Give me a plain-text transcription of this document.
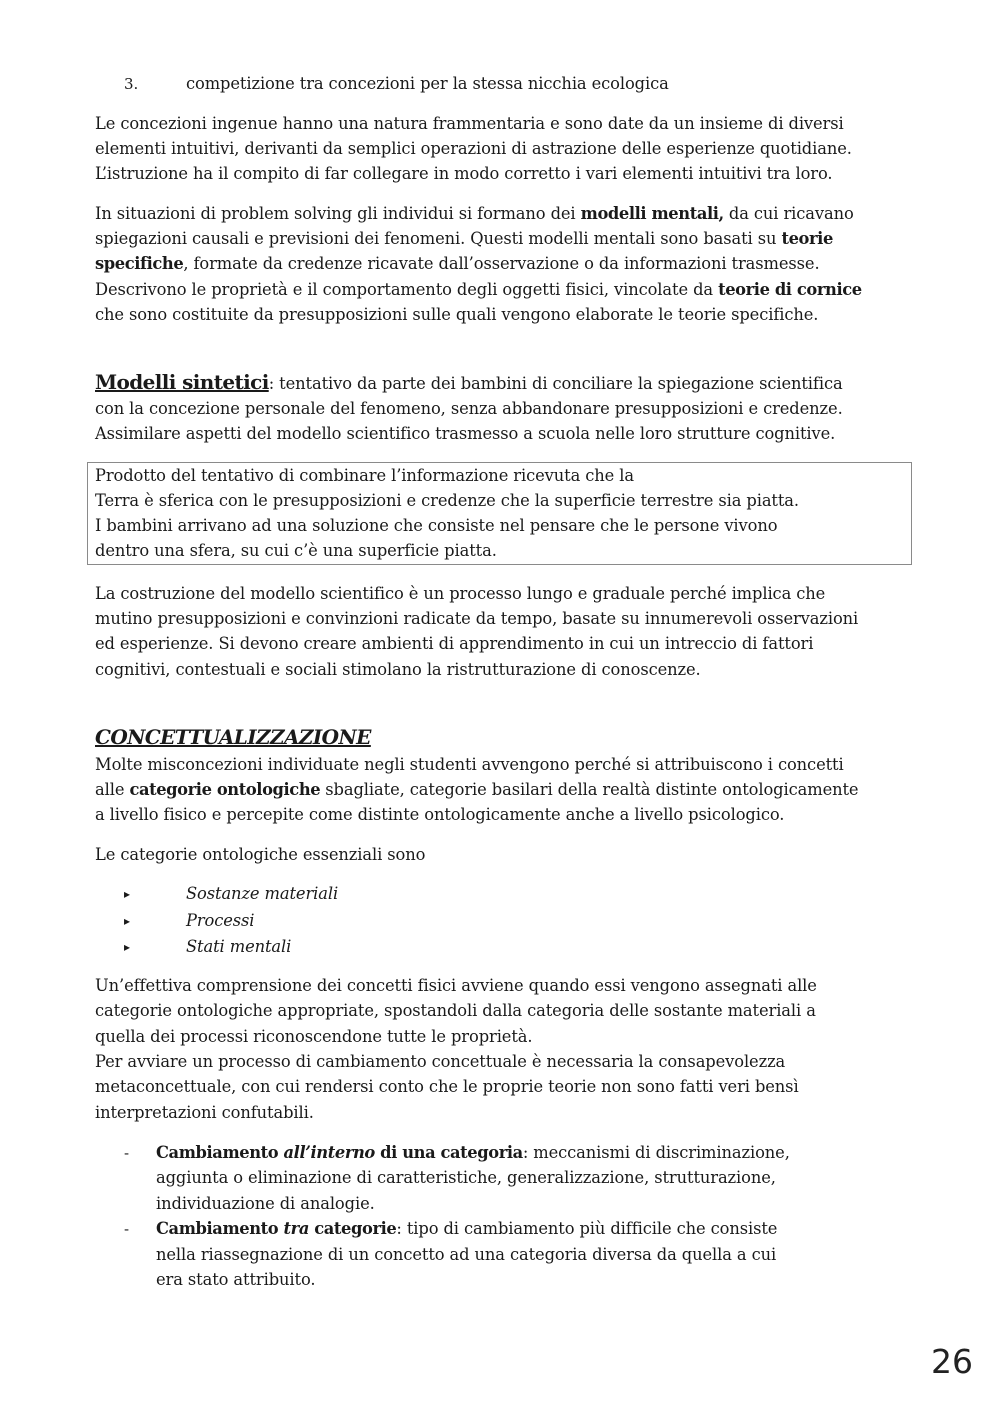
3.	competizione tra concezioni per la stessa nicchia ecologica
Le concezioni ingenue hanno una natura frammentaria e sono date da un insieme di diversi
elementi intuitivi, derivanti da semplici operazioni di astrazione delle esperienze quotidiane.
L’istruzione ha il compito di far collegare in modo corretto i vari elementi intuitivi tra loro.
In situazioni di problem solving gli individui si formano dei modelli mentali, da cui ricavano
spiegazioni causali e previsioni dei fenomeni. Questi modelli mentali sono basati su teorie
specifiche, formate da credenze ricavate dall’osservazione o da informazioni trasmesse.
Descrivono le proprietà e il comportamento degli oggetti fisici, vincolate da teorie di cornice
che sono costituite da presupposizioni sulle quali vengono elaborate le teorie specifiche.
Modelli sintetici: tentativo da parte dei bambini di conciliare la spiegazione scientifica
con la concezione personale del fenomeno, senza abbandonare presupposizioni e credenze.
Assimilare aspetti del modello scientifico trasmesso a scuola nelle loro strutture cognitive.
Prodotto del tentativo di combinare l’informazione ricevuta che la
Terra è sferica con le presupposizioni e credenze che la superficie terrestre sia piatta.
I bambini arrivano ad una soluzione che consiste nel pensare che le persone vivono
dentro una sfera, su cui c’è una superficie piatta.
La costruzione del modello scientifico è un processo lungo e graduale perché implica che
mutino presupposizioni e convinzioni radicate da tempo, basate su innumerevoli osservazioni
ed esperienze. Si devono creare ambienti di apprendimento in cui un intreccio di fattori
cognitivi, contestuali e sociali stimolano la ristrutturazione di conoscenze.
CONCETTUALIZZAZIONE
Molte misconcezioni individuate negli studenti avvengono perché si attribuiscono i concetti
alle categorie ontologiche sbagliate, categorie basilari della realtà distinte ontologicamente
a livello fisico e percepite come distinte ontologicamente anche a livello psicologico.
Le categorie ontologiche essenziali sono
▸	Sostanze materiali
▸	Processi
▸	Stati mentali
Un’effettiva comprensione dei concetti fisici avviene quando essi vengono assegnati alle
categorie ontologiche appropriate, spostandoli dalla categoria delle sostante materiali a
quella dei processi riconoscendone tutte le proprietà.
Per avviare un processo di cambiamento concettuale è necessaria la consapevolezza
metaconcettuale, con cui rendersi conto che le proprie teorie non sono fatti veri bensì
interpretazioni confutabili.
- Cambiamento all’interno di una categoria: meccanismi di discriminazione,
aggiunta o eliminazione di caratteristiche, generalizzazione, strutturazione,
individuazione di analogie.
- Cambiamento tra categorie: tipo di cambiamento più difficile che consiste
nella riassegnazione di un concetto ad una categoria diversa da quella a cui
era stato attribuito.
26
